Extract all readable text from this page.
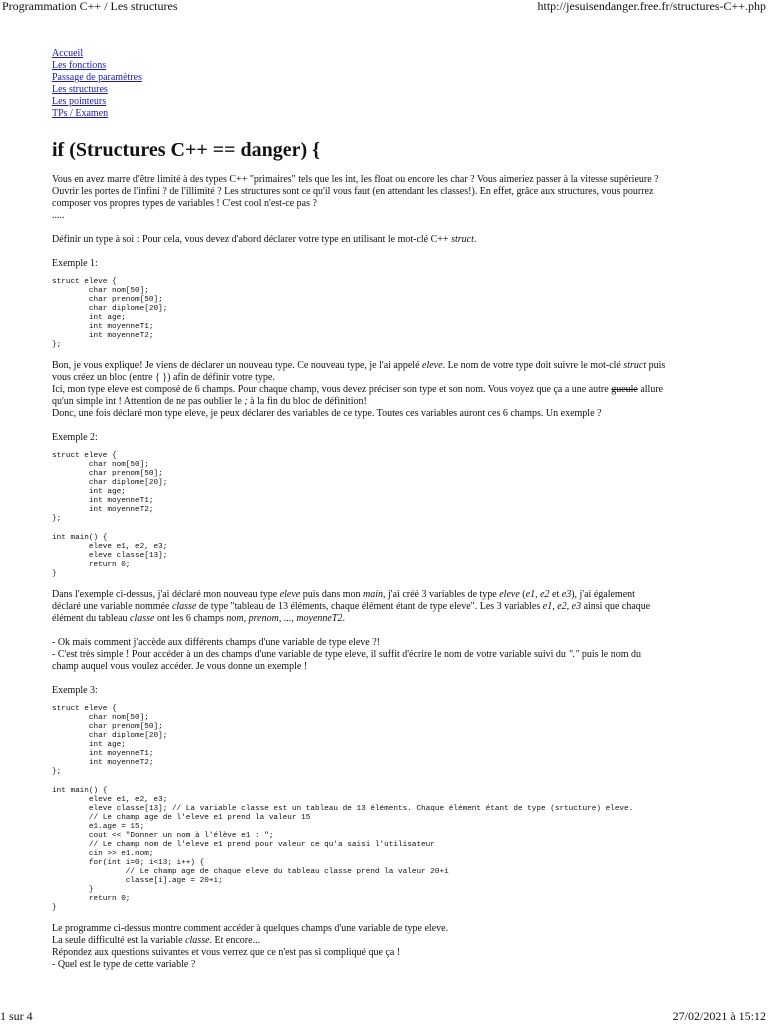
Programmation C++ / Les structures	http://jesuisendanger.free.fr/structures-C++.php
Accueil
Les fonctions
Passage de paramètres
Les structures
Les pointeurs
TPs / Examen
if (Structures C++ == danger) {

Vous en avez marre d'être limité à des types C++ "primaires" tels que les int, les float ou encore les char ? Vous aimeriez passer à la vitesse supérieure ?
Ouvrir les portes de l'infini ? de l'illimité ? Les structures sont ce qu'il vous faut (en attendant les classes!). En effet, grâce aux structures, vous pourrez
composer vos propres types de variables ! C'est cool n'est-ce pas ?
.....

Définir un type à soi : Pour cela, vous devez d'abord déclarer votre type en utilisant le mot-clé C++ struct.

Exemple 1:

struct eleve {
char nom[50];
char prenom[50];
char diplome[20];
int age;
int moyenneT1;
int moyenneT2;
};

Bon, je vous explique! Je viens de déclarer un nouveau type. Ce nouveau type, je l'ai appelé eleve. Le nom de votre type doit suivre le mot-clé struct puis
vous créez un bloc (entre { }) afin de définir votre type.
Ici, mon type eleve est composé de 6 champs. Pour chaque champ, vous devez préciser son type et son nom. Vous voyez que ça a une autre gueule allure
qu'un simple int ! Attention de ne pas oublier le ; à la fin du bloc de définition!
Donc, une fois déclaré mon type eleve, je peux déclarer des variables de ce type. Toutes ces variables auront ces 6 champs. Un exemple ?

Exemple 2:

struct eleve {
char nom[50];
char prenom[50];
char diplome[20];
int age;
int moyenneT1;
int moyenneT2;
};
int main() {
eleve e1, e2, e3;
eleve classe[13];
return 0;
}

Dans l'exemple ci-dessus, j'ai déclaré mon nouveau type eleve puis dans mon main, j'ai créé 3 variables de type eleve (e1, e2 et e3), j'ai également
déclaré une variable nommée classe de type "tableau de 13 éléments, chaque élément étant de type eleve". Les 3 variables e1, e2, e3 ainsi que chaque
élément du tableau classe ont les 6 champs nom, prenom, ..., moyenneT2.

- Ok mais comment j'accède aux différents champs d'une variable de type eleve ?!
- C'est très simple ! Pour accéder à un des champs d'une variable de type eleve, il suffit d'écrire le nom de votre variable suivi du "." puis le nom du
champ auquel vous voulez accéder. Je vous donne un exemple !

Exemple 3:

struct eleve {
char nom[50];
char prenom[50];
char diplome[20];
int age;
int moyenneT1;
int moyenneT2;
};
int main() {
eleve e1, e2, e3;
eleve classe[13]; // La variable classe est un tableau de 13 éléments. Chaque élément étant de type (srtucture) eleve.
// Le champ age de l'eleve e1 prend la valeur 15
e1.age = 15;
cout << "Donner un nom à l'élève e1 : ";
// Le champ nom de l'eleve e1 prend pour valeur ce qu'a saisi l'utilisateur
cin >> e1.nom;
for(int i=0; i<13; i++) {
// Le champ age de chaque eleve du tableau classe prend la valeur 20+i
classe[i].age = 20+i;
}
return 0;
}

Le programme ci-dessus montre comment accéder à quelques champs d'une variable de type eleve.
La seule difficulté est la variable classe. Et encore...
Répondez aux questions suivantes et vous verrez que ce n'est pas si compliqué que ça !
- Quel est le type de cette variable ?

1 sur 4	27/02/2021 à 15:12
